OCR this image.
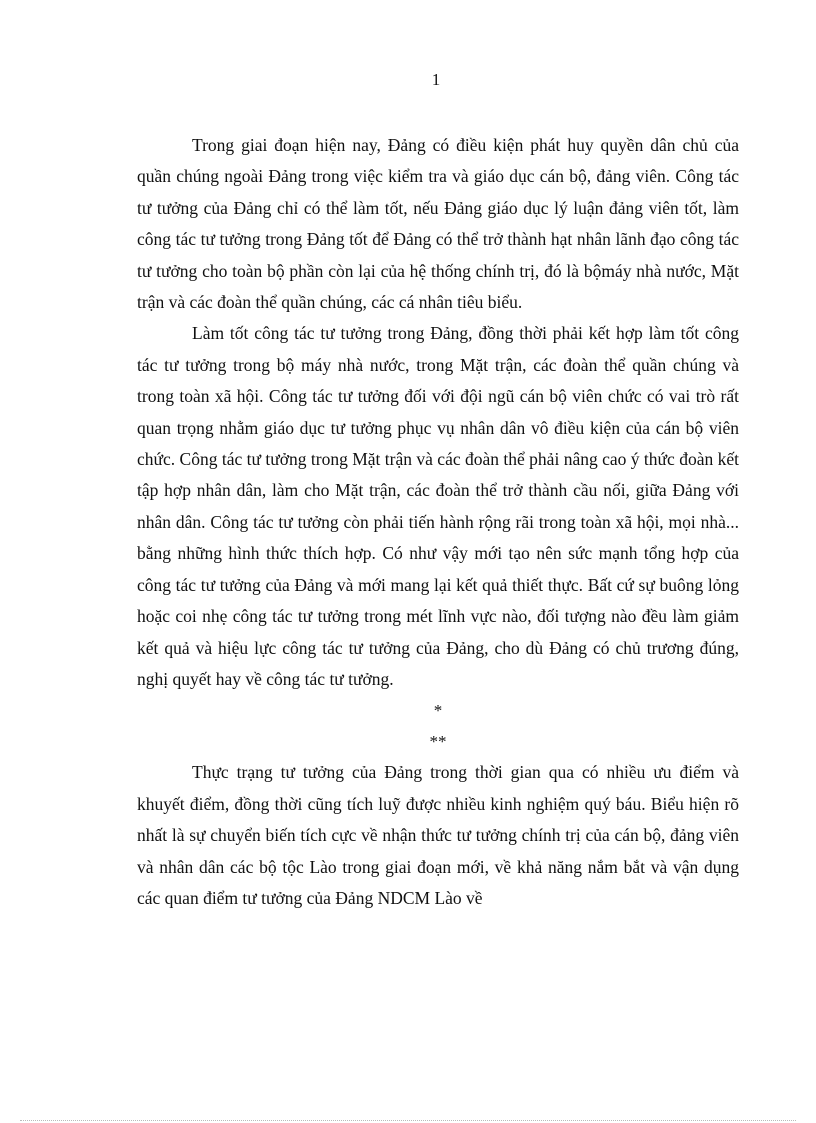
1

Trong giai đoạn hiện nay, Đảng có điều kiện phát huy quyền dân chủ của quần chúng ngoài Đảng trong việc kiểm tra và giáo dục cán bộ, đảng viên. Công tác tư tưởng của Đảng chỉ có thể làm tốt, nếu Đảng giáo dục lý luận đảng viên tốt, làm công tác tư tưởng trong Đảng tốt để Đảng có thể trở thành hạt nhân lãnh đạo công tác tư tưởng cho toàn bộ phần còn lại của hệ thống chính trị, đó là bộmáy nhà nước, Mặt trận và các đoàn thể quần chúng, các cá nhân tiêu biểu.

Làm tốt công tác tư tưởng trong Đảng, đồng thời phải kết hợp làm tốt công tác tư tưởng trong bộ máy nhà nước, trong Mặt trận, các đoàn thể quần chúng và trong toàn xã hội. Công tác tư tưởng đối với đội ngũ cán bộ viên chức có vai trò rất quan trọng nhằm giáo dục tư tưởng phục vụ nhân dân vô điều kiện của cán bộ viên chức. Công tác tư tưởng trong Mặt trận và các đoàn thể phải nâng cao ý thức đoàn kết tập hợp nhân dân, làm cho Mặt trận, các đoàn thể trở thành cầu nối, giữa Đảng với nhân dân. Công tác tư tưởng còn phải tiến hành rộng rãi trong toàn xã hội, mọi nhà... bằng những hình thức thích hợp. Có như vậy mới tạo nên sức mạnh tổng hợp của công tác tư tưởng của Đảng và mới mang lại kết quả thiết thực. Bất cứ sự buông lỏng hoặc coi nhẹ công tác tư tưởng trong mét lĩnh vực nào, đối tượng nào đều làm giảm kết quả và hiệu lực công tác tư tưởng của Đảng, cho dù Đảng có chủ trương đúng, nghị quyết hay về công tác tư tưởng.

*
**

Thực trạng tư tưởng của Đảng trong thời gian qua có nhiều ưu điểm và khuyết điểm, đồng thời cũng tích luỹ được nhiều kinh nghiệm quý báu. Biểu hiện rõ nhất là sự chuyển biến tích cực về nhận thức tư tưởng chính trị của cán bộ, đảng viên và nhân dân các bộ tộc Lào trong giai đoạn mới, về khả năng nắm bắt và vận dụng các quan điểm tư tưởng của Đảng NDCM Lào về
